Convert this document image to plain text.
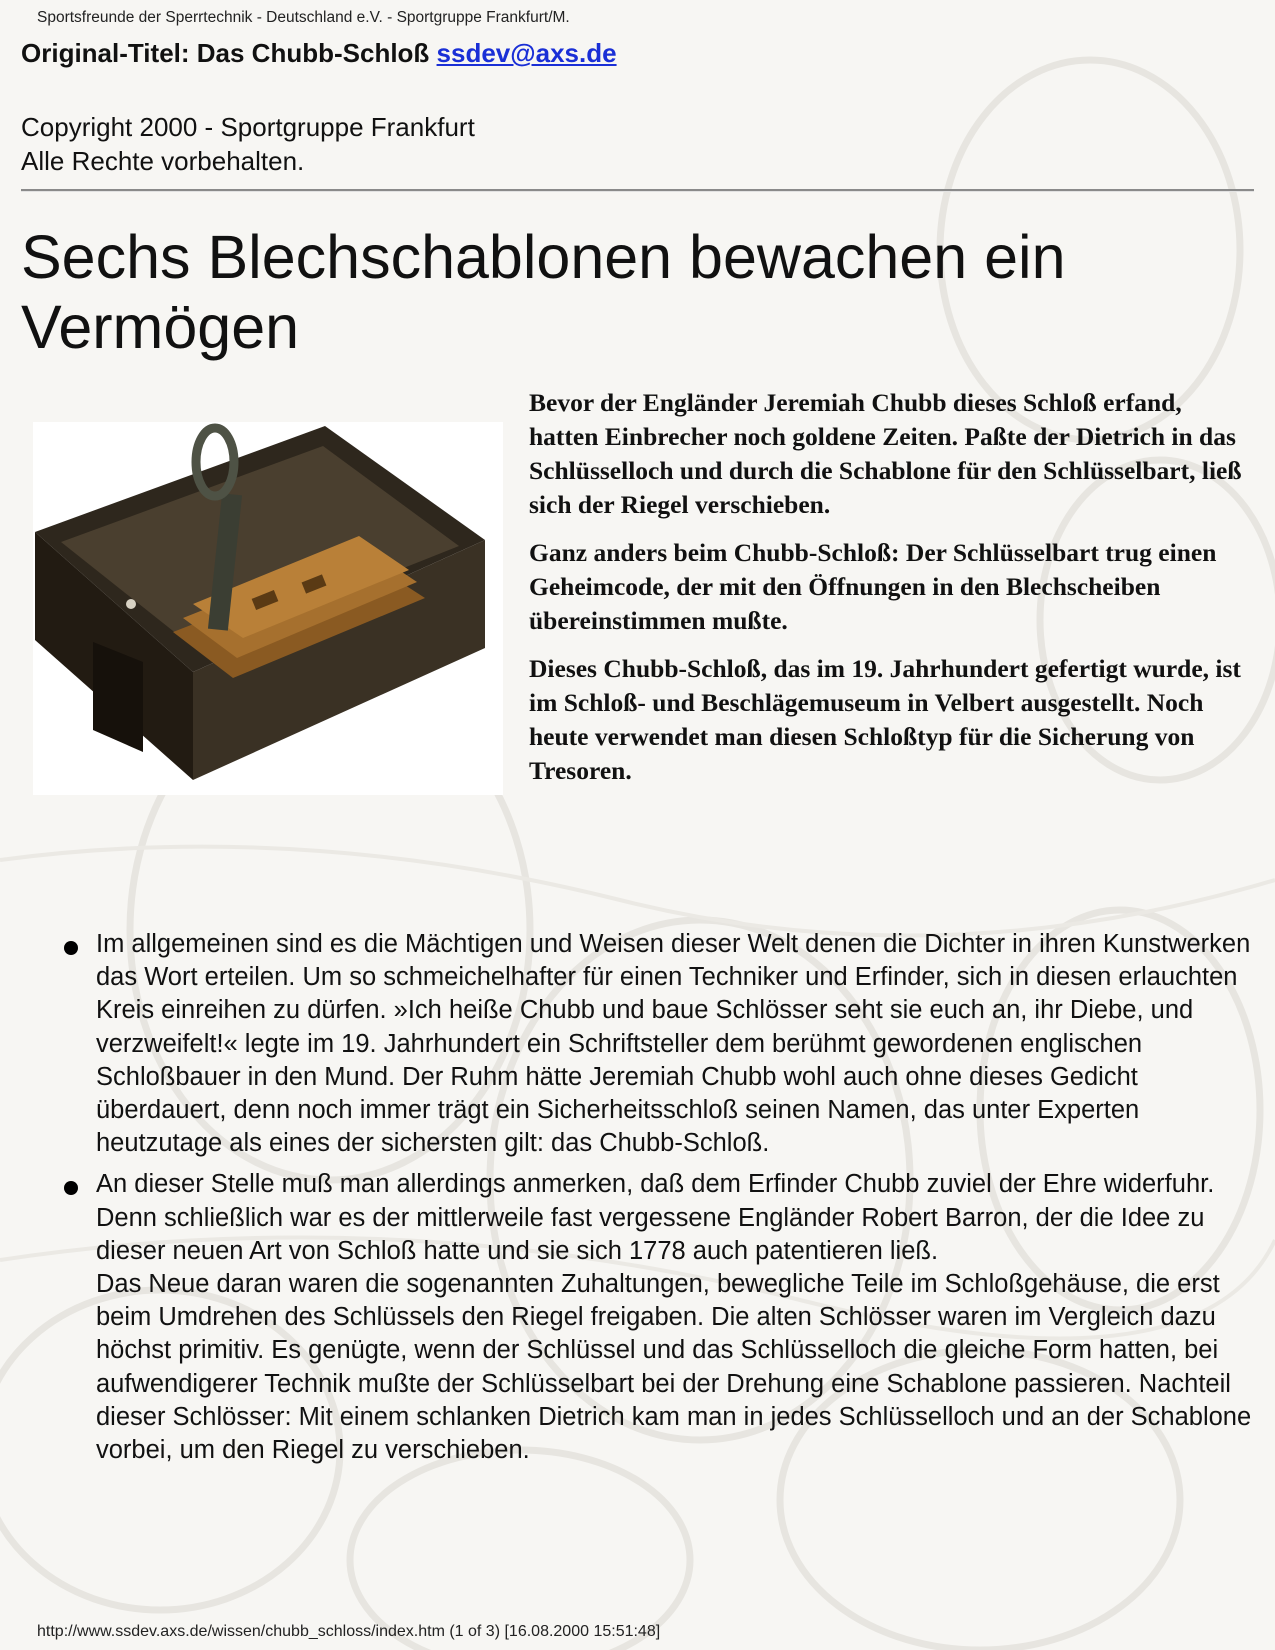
Sportsfreunde der Sperrtechnik - Deutschland e.V. - Sportgruppe Frankfurt/M.
Original-Titel: Das Chubb-Schloß ssdev@axs.de
Copyright 2000 - Sportgruppe Frankfurt
Alle Rechte vorbehalten.
Sechs Blechschablonen bewachen ein Vermögen

Bevor der Engländer Jeremiah Chubb dieses Schloß erfand, hatten Einbrecher noch goldene Zeiten. Paßte der Dietrich in das Schlüsselloch und durch die Schablone für den Schlüsselbart, ließ sich der Riegel verschieben.

Ganz anders beim Chubb-Schloß: Der Schlüsselbart trug einen Geheimcode, der mit den Öffnungen in den Blechscheiben übereinstimmen mußte.

Dieses Chubb-Schloß, das im 19. Jahrhundert gefertigt wurde, ist im Schloß- und Beschlägemuseum in Velbert ausgestellt. Noch heute verwendet man diesen Schloßtyp für die Sicherung von Tresoren.

Im allgemeinen sind es die Mächtigen und Weisen dieser Welt denen die Dichter in ihren Kunstwerken das Wort erteilen. Um so schmeichelhafter für einen Techniker und Erfinder, sich in diesen erlauchten Kreis einreihen zu dürfen. »Ich heiße Chubb und baue Schlösser seht sie euch an, ihr Diebe, und verzweifelt!« legte im 19. Jahrhundert ein Schriftsteller dem berühmt gewordenen englischen Schloßbauer in den Mund. Der Ruhm hätte Jeremiah Chubb wohl auch ohne dieses Gedicht überdauert, denn noch immer trägt ein Sicherheitsschloß seinen Namen, das unter Experten heutzutage als eines der sichersten gilt: das Chubb-Schloß.
An dieser Stelle muß man allerdings anmerken, daß dem Erfinder Chubb zuviel der Ehre widerfuhr. Denn schließlich war es der mittlerweile fast vergessene Engländer Robert Barron, der die Idee zu dieser neuen Art von Schloß hatte und sie sich 1778 auch patentieren ließ.
Das Neue daran waren die sogenannten Zuhaltungen, bewegliche Teile im Schloßgehäuse, die erst beim Umdrehen des Schlüssels den Riegel freigaben. Die alten Schlösser waren im Vergleich dazu höchst primitiv. Es genügte, wenn der Schlüssel und das Schlüsselloch die gleiche Form hatten, bei aufwendigerer Technik mußte der Schlüsselbart bei der Drehung eine Schablone passieren. Nachteil dieser Schlösser: Mit einem schlanken Dietrich kam man in jedes Schlüsselloch und an der Schablone vorbei, um den Riegel zu verschieben.
http://www.ssdev.axs.de/wissen/chubb_schloss/index.htm (1 of 3) [16.08.2000 15:51:48]
